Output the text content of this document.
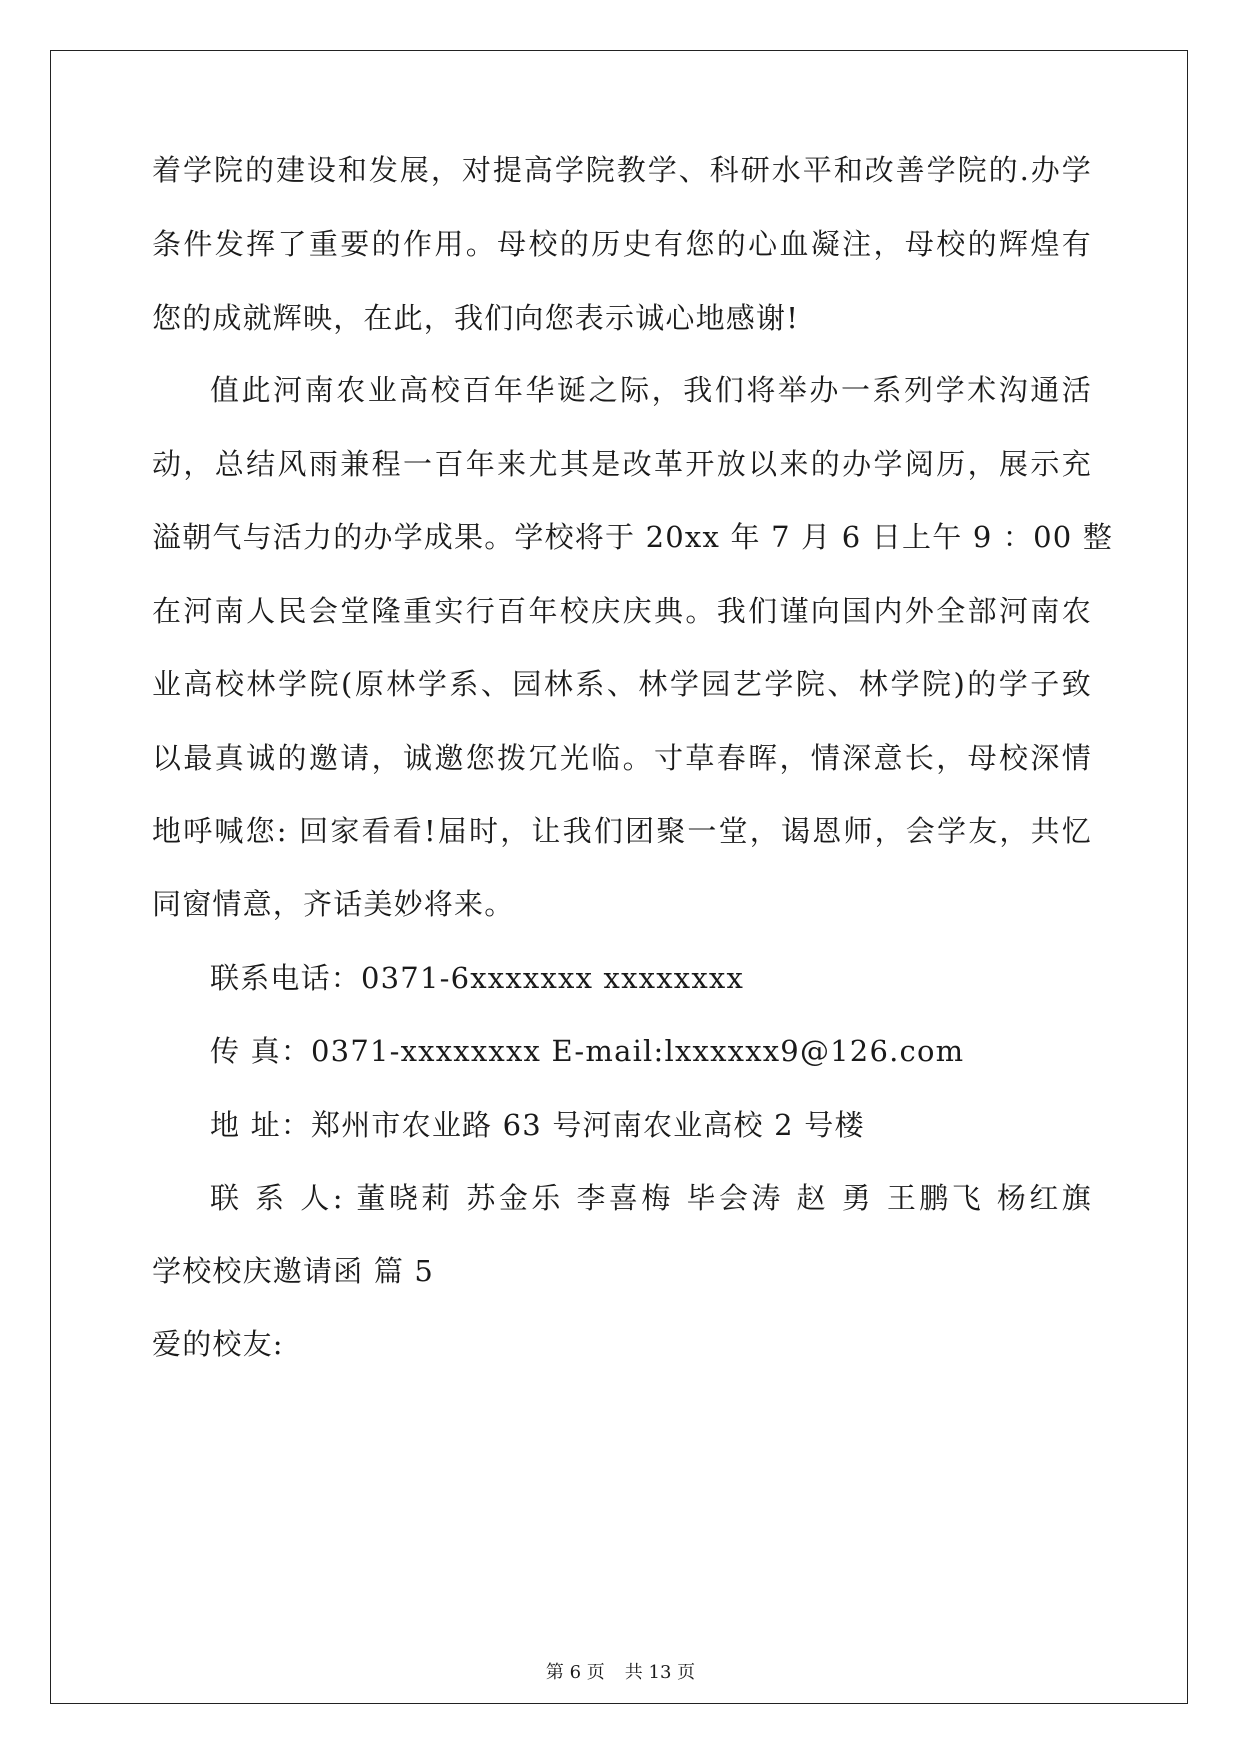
着学院的建设和发展，对提高学院教学、科研水平和改善学院的.办学
条件发挥了重要的作用。母校的历史有您的心血凝注，母校的辉煌有
您的成就辉映，在此，我们向您表示诚心地感谢!
值此河南农业高校百年华诞之际，我们将举办一系列学术沟通活
动，总结风雨兼程一百年来尤其是改革开放以来的办学阅历，展示充
溢朝气与活力的办学成果。学校将于 20xx 年 7 月 6 日上午 9 ：00 整
在河南人民会堂隆重实行百年校庆庆典。我们谨向国内外全部河南农
业高校林学院(原林学系、园林系、林学园艺学院、林学院)的学子致
以最真诚的邀请，诚邀您拨冗光临。寸草春晖，情深意长，母校深情
地呼喊您: 回家看看!届时，让我们团聚一堂，谒恩师，会学友，共忆
同窗情意，齐话美妙将来。
联系电话：0371-6xxxxxxx xxxxxxxx
传 真：0371-xxxxxxxx E-mail:lxxxxxx9@126.com
地 址：郑州市农业路 63 号河南农业高校 2 号楼
联 系 人: 董晓莉 苏金乐 李喜梅 毕会涛 赵 勇 王鹏飞 杨红旗
学校校庆邀请函 篇 5
爱的校友:
第 6 页 共 13 页
